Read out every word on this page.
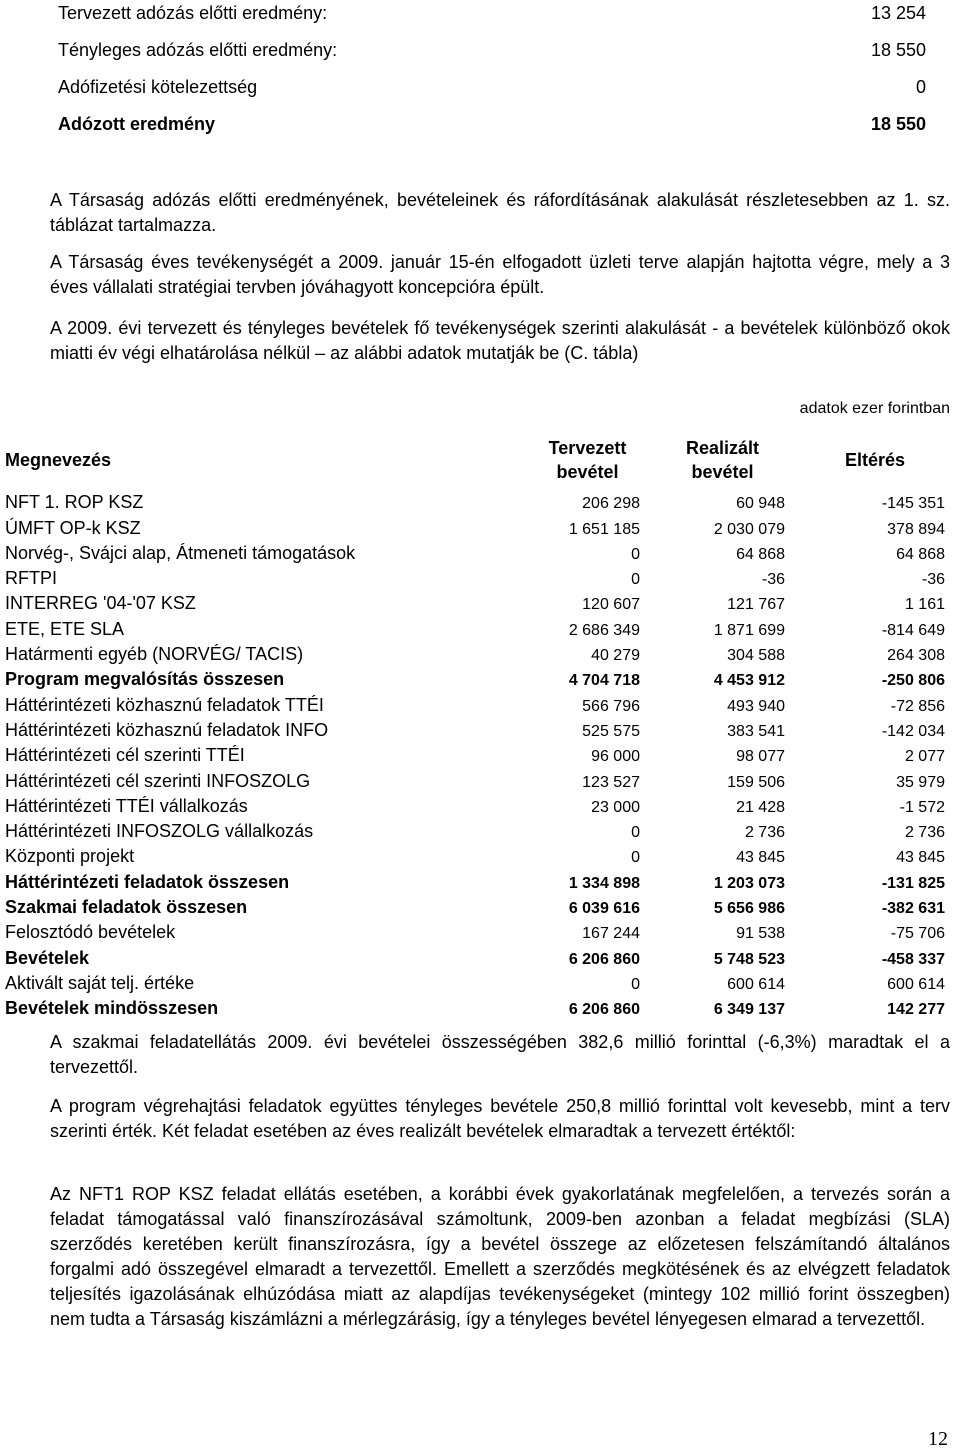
Tervezett adózás előtti eredmény:	13 254
Tényleges adózás előtti eredmény:	18 550
Adófizetési kötelezettség	0
Adózott eredmény	18 550

A Társaság adózás előtti eredményének, bevételeinek és ráfordításának alakulását részletesebben az 1. sz. táblázat tartalmazza.

A Társaság éves tevékenységét a 2009. január 15-én elfogadott üzleti terve alapján hajtotta végre, mely a 3 éves vállalati stratégiai tervben jóváhagyott koncepcióra épült.

A 2009. évi tervezett és tényleges bevételek fő tevékenységek szerinti alakulását - a bevételek különböző okok miatti év végi elhatárolása nélkül – az alábbi adatok mutatják be (C. tábla)

adatok ezer forintban
Megnevezés	Tervezett bevétel	Realizált bevétel	Eltérés
NFT 1. ROP KSZ	206 298	60 948	-145 351
ÚMFT OP-k KSZ	1 651 185	2 030 079	378 894
Norvég-, Svájci alap, Átmeneti támogatások	0	64 868	64 868
RFTPI	0	-36	-36
INTERREG '04-'07 KSZ	120 607	121 767	1 161
ETE, ETE SLA	2 686 349	1 871 699	-814 649
Határmenti egyéb (NORVÉG/ TACIS)	40 279	304 588	264 308
Program megvalósítás összesen	4 704 718	4 453 912	-250 806
Háttérintézeti közhasznú feladatok TTÉI	566 796	493 940	-72 856
Háttérintézeti közhasznú feladatok INFO	525 575	383 541	-142 034
Háttérintézeti cél szerinti TTÉI	96 000	98 077	2 077
Háttérintézeti cél szerinti INFOSZOLG	123 527	159 506	35 979
Háttérintézeti TTÉI vállalkozás	23 000	21 428	-1 572
Háttérintézeti INFOSZOLG vállalkozás	0	2 736	2 736
Központi projekt	0	43 845	43 845
Háttérintézeti feladatok összesen	1 334 898	1 203 073	-131 825
Szakmai feladatok összesen	6 039 616	5 656 986	-382 631
Felosztódó bevételek	167 244	91 538	-75 706
Bevételek	6 206 860	5 748 523	-458 337
Aktivált saját telj. értéke	0	600 614	600 614
Bevételek mindösszesen	6 206 860	6 349 137	142 277

A szakmai feladatellátás 2009. évi bevételei összességében 382,6 millió forinttal (-6,3%) maradtak el a tervezettől.

A program végrehajtási feladatok együttes tényleges bevétele 250,8 millió forinttal volt kevesebb, mint a terv szerinti érték. Két feladat esetében az éves realizált bevételek elmaradtak a tervezett értéktől:

Az NFT1 ROP KSZ feladat ellátás esetében, a korábbi évek gyakorlatának megfelelően, a tervezés során a feladat támogatással való finanszírozásával számoltunk, 2009-ben azonban a feladat megbízási (SLA) szerződés keretében került finanszírozásra, így a bevétel összege az előzetesen felszámítandó általános forgalmi adó összegével elmaradt a tervezettől. Emellett a szerződés megkötésének és az elvégzett feladatok teljesítés igazolásának elhúzódása miatt az alapdíjas tevékenységeket (mintegy 102 millió forint összegben) nem tudta a Társaság kiszámlázni a mérlegzárásig, így a tényleges bevétel lényegesen elmarad a tervezettől.

12
